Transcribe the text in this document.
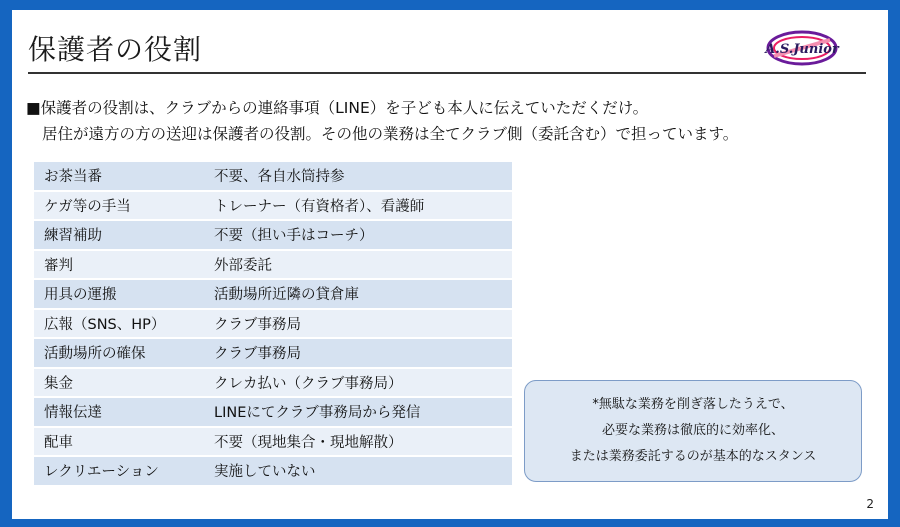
保護者の役割	A.S.Junior
■保護者の役割は、クラブからの連絡事項（LINE）を子ども本人に伝えていただくだけ。
居住が遠方の方の送迎は保護者の役割。その他の業務は全てクラブ側（委託含む）で担っています。
お茶当番	不要、各自水筒持参
ケガ等の手当	トレーナー（有資格者）、看護師
練習補助	不要（担い手はコーチ）
審判	外部委託
用具の運搬	活動場所近隣の貸倉庫
広報（SNS、HP）	クラブ事務局
活動場所の確保	クラブ事務局
集金	クレカ払い（クラブ事務局）
情報伝達	LINEにてクラブ事務局から発信
配車	不要（現地集合・現地解散）
レクリエーション	実施していない
*無駄な業務を削ぎ落したうえで、
必要な業務は徹底的に効率化、
または業務委託するのが基本的なスタンス
2
